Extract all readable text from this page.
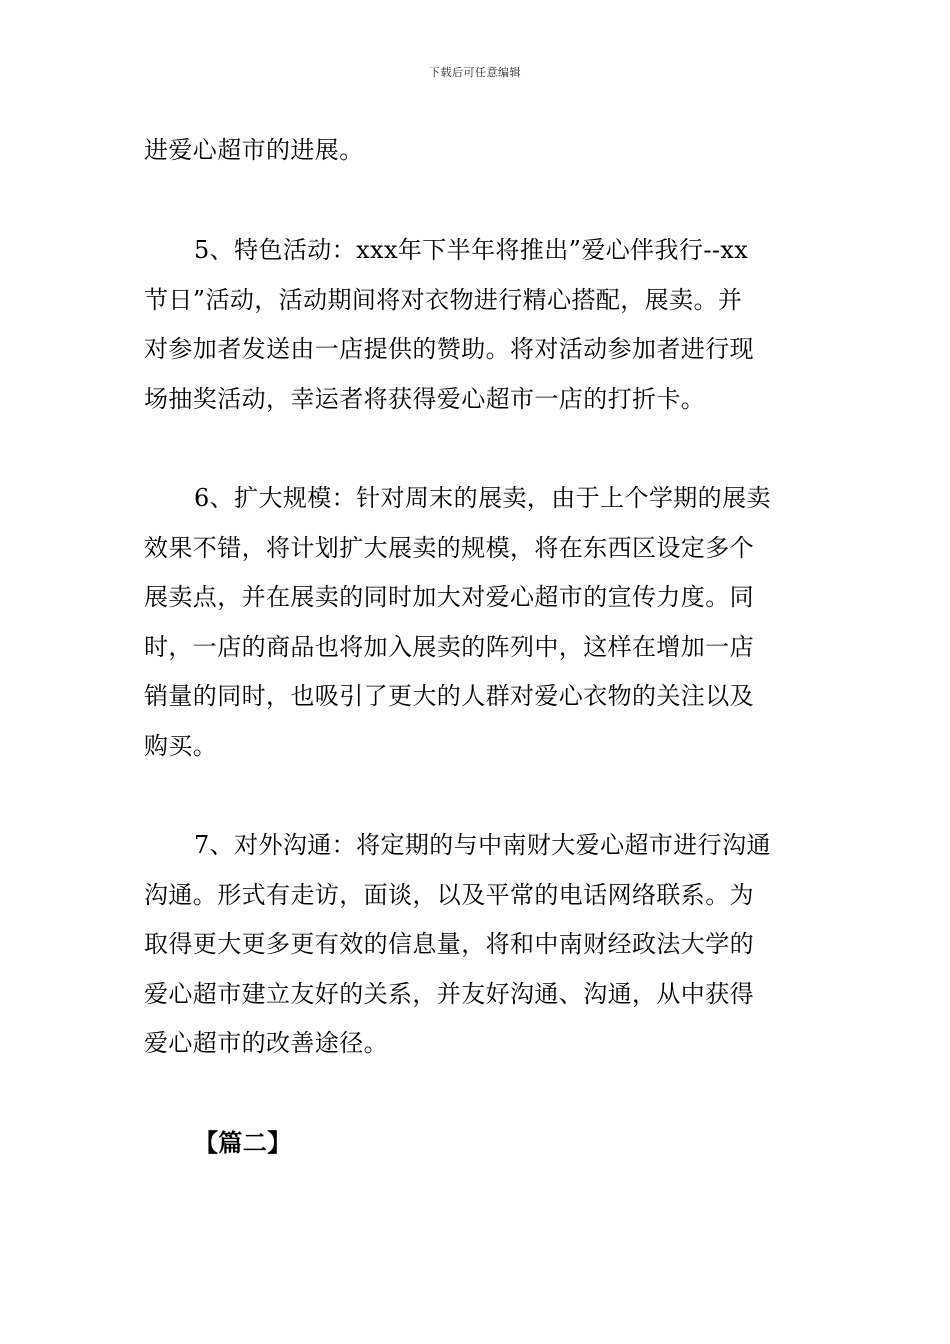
下载后可任意编辑

进爱心超市的进展。

5、特色活动：xxx年下半年将推出”爱心伴我行--xx
节日”活动，活动期间将对衣物进行精心搭配，展卖。并
对参加者发送由一店提供的赞助。将对活动参加者进行现
场抽奖活动，幸运者将获得爱心超市一店的打折卡。

6、扩大规模：针对周末的展卖，由于上个学期的展卖
效果不错，将计划扩大展卖的规模，将在东西区设定多个
展卖点，并在展卖的同时加大对爱心超市的宣传力度。同
时，一店的商品也将加入展卖的阵列中，这样在增加一店
销量的同时，也吸引了更大的人群对爱心衣物的关注以及
购买。

7、对外沟通：将定期的与中南财大爱心超市进行沟通
沟通。形式有走访，面谈，以及平常的电话网络联系。为
取得更大更多更有效的信息量，将和中南财经政法大学的
爱心超市建立友好的关系，并友好沟通、沟通，从中获得
爱心超市的改善途径。

【篇二】
